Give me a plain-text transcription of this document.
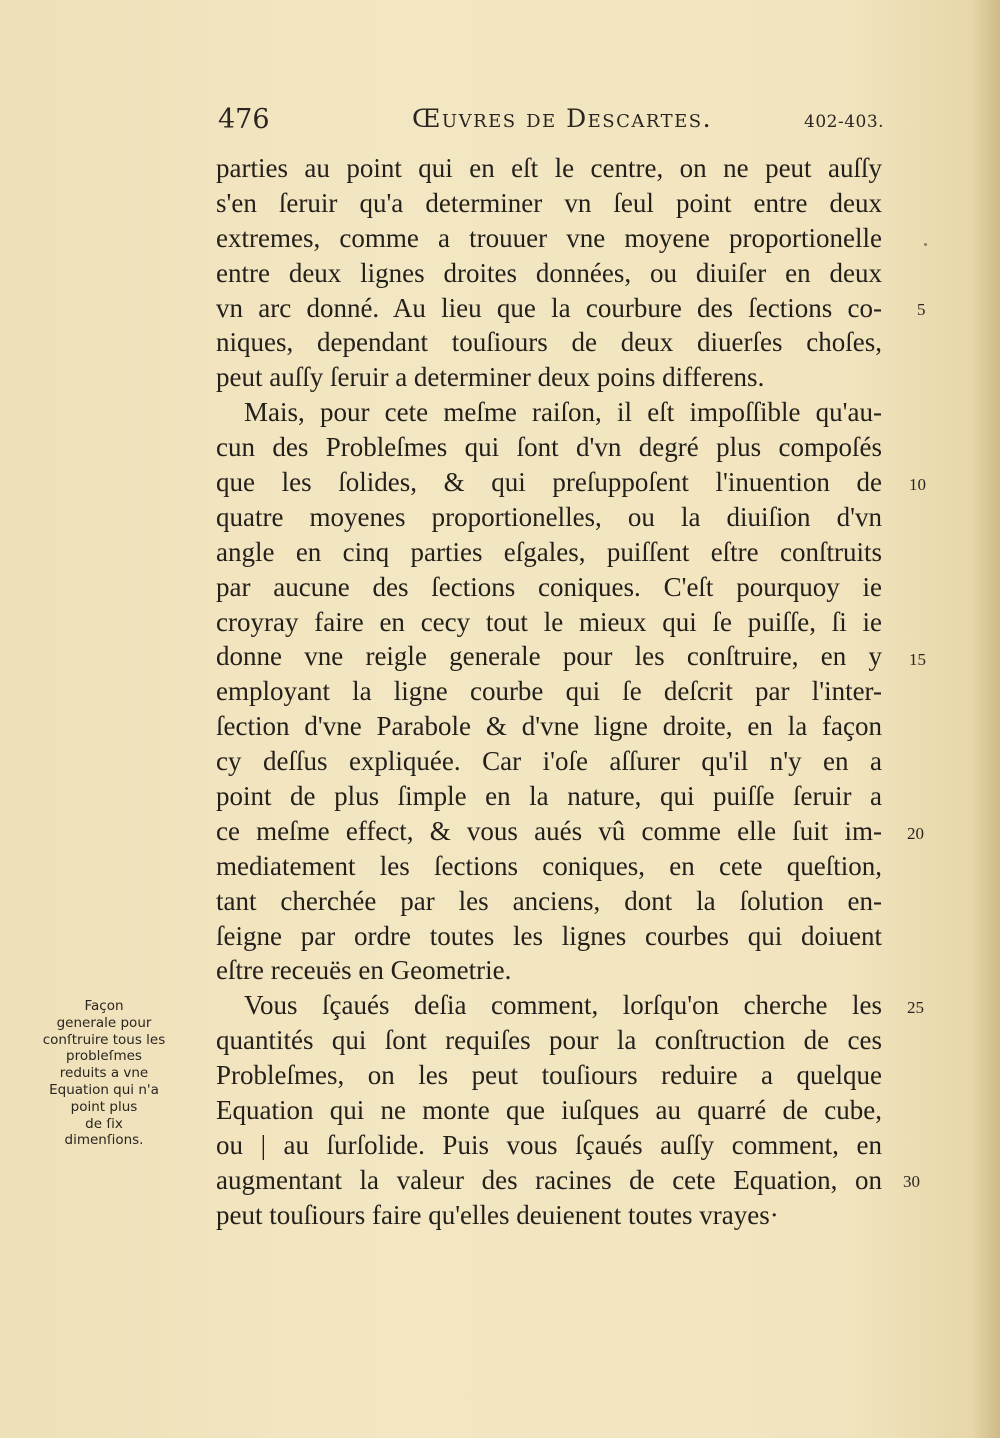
476	Œuvres de Descartes.	402-403.
parties au point qui en eſt le centre, on ne peut auſſy
s'en ſeruir qu'a determiner vn ſeul point entre deux
extremes, comme a trouuer vne moyene proportionelle
entre deux lignes droites données, ou diuiſer en deux
vn arc donné. Au lieu que la courbure des ſections co-
niques, dependant touſiours de deux diuerſes choſes,
peut auſſy ſeruir a determiner deux poins differens.
Mais, pour cete meſme raiſon, il eſt impoſſible qu'au-
cun des Probleſmes qui ſont d'vn degré plus compoſés
que les ſolides, & qui preſuppoſent l'inuention de
quatre moyenes proportionelles, ou la diuiſion d'vn
angle en cinq parties eſgales, puiſſent eſtre conſtruits
par aucune des ſections coniques. C'eſt pourquoy ie
croyray faire en cecy tout le mieux qui ſe puiſſe, ſi ie
donne vne reigle generale pour les conſtruire, en y
employant la ligne courbe qui ſe deſcrit par l'inter-
ſection d'vne Parabole & d'vne ligne droite, en la façon
cy deſſus expliquée. Car i'oſe aſſurer qu'il n'y en a
point de plus ſimple en la nature, qui puiſſe ſeruir a
ce meſme effect, & vous aués vû comme elle ſuit im-
mediatement les ſections coniques, en cete queſtion,
tant cherchée par les anciens, dont la ſolution en-
ſeigne par ordre toutes les lignes courbes qui doiuent
eſtre receuës en Geometrie.
Vous ſçaués deſia comment, lorſqu'on cherche les
quantités qui ſont requiſes pour la conſtruction de ces
Probleſmes, on les peut touſiours reduire a quelque
Equation qui ne monte que iuſques au quarré de cube,
ou | au ſurſolide. Puis vous ſçaués auſſy comment, en
augmentant la valeur des racines de cete Equation, on
peut touſiours faire qu'elles deuienent toutes vrayes·
5
10
15
20
25
30
Façon
generale pour
conſtruire tous les
probleſmes
reduits a vne
Equation qui n'a
point plus
de ſix
dimenſions.
